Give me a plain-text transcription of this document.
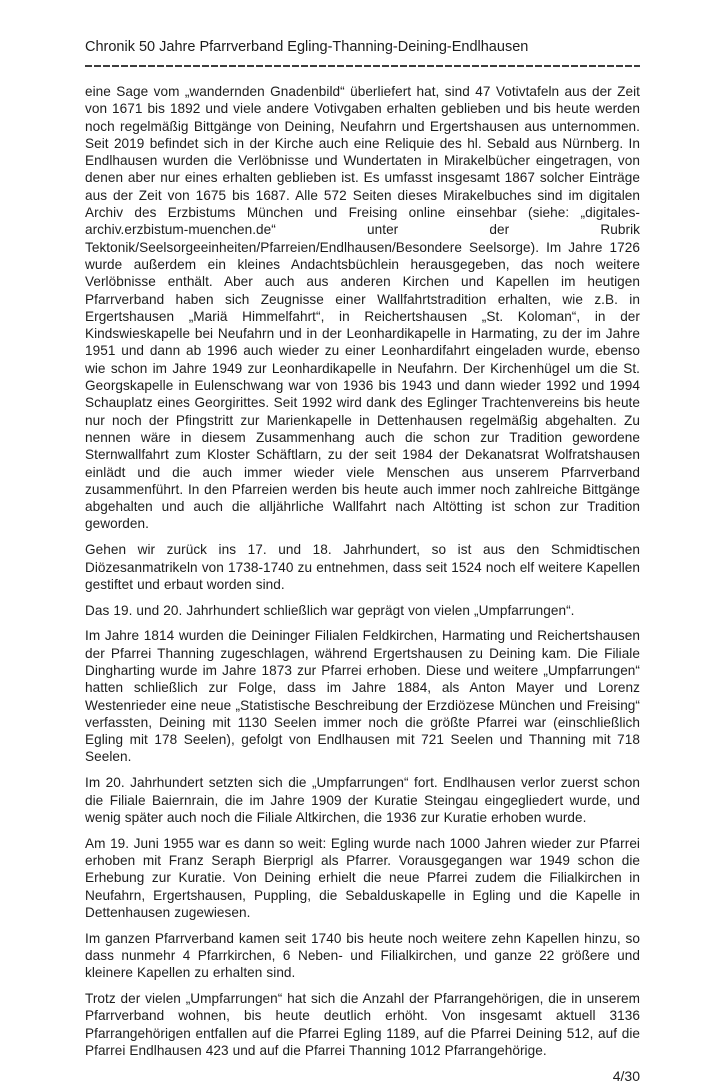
Chronik 50 Jahre Pfarrverband Egling-Thanning-Deining-Endlhausen

eine Sage vom „wandernden Gnadenbild“ überliefert hat, sind 47 Votivtafeln aus der Zeit von 1671 bis 1892 und viele andere Votivgaben erhalten geblieben und bis heute werden noch regelmäßig Bittgänge von Deining, Neufahrn und Ergertshausen aus unternommen. Seit 2019 befindet sich in der Kirche auch eine Reliquie des hl. Sebald aus Nürnberg. In Endlhausen wurden die Verlöbnisse und Wundertaten in Mirakelbücher eingetragen, von denen aber nur eines erhalten geblieben ist. Es umfasst insgesamt 1867 solcher Einträge aus der Zeit von 1675 bis 1687. Alle 572 Seiten dieses Mirakelbuches sind im digitalen Archiv des Erzbistums München und Freising online einsehbar (siehe: „digitales-archiv.erzbistum-muenchen.de“ unter der Rubrik Tektonik/Seelsorgeeinheiten/Pfarreien/Endlhausen/Besondere Seelsorge). Im Jahre 1726 wurde außerdem ein kleines Andachtsbüchlein herausgegeben, das noch weitere Verlöbnisse enthält. Aber auch aus anderen Kirchen und Kapellen im heutigen Pfarrverband haben sich Zeugnisse einer Wallfahrtstradition erhalten, wie z.B. in Ergertshausen „Mariä Himmelfahrt“, in Reichertshausen „St. Koloman“, in der Kindswieskapelle bei Neufahrn und in der Leonhardikapelle in Harmating, zu der im Jahre 1951 und dann ab 1996 auch wieder zu einer Leonhardifahrt eingeladen wurde, ebenso wie schon im Jahre 1949 zur Leonhardikapelle in Neufahrn. Der Kirchenhügel um die St. Georgskapelle in Eulenschwang war von 1936 bis 1943 und dann wieder 1992 und 1994 Schauplatz eines Georgirittes. Seit 1992 wird dank des Eglinger Trachtenvereins bis heute nur noch der Pfingstritt zur Marienkapelle in Dettenhausen regelmäßig abgehalten. Zu nennen wäre in diesem Zusammenhang auch die schon zur Tradition gewordene Sternwallfahrt zum Kloster Schäftlarn, zu der seit 1984 der Dekanatsrat Wolfratshausen einlädt und die auch immer wieder viele Menschen aus unserem Pfarrverband zusammenführt. In den Pfarreien werden bis heute auch immer noch zahlreiche Bittgänge abgehalten und auch die alljährliche Wallfahrt nach Altötting ist schon zur Tradition geworden.

Gehen wir zurück ins 17. und 18. Jahrhundert, so ist aus den Schmidtischen Diözesanmatrikeln von 1738-1740 zu entnehmen, dass seit 1524 noch elf weitere Kapellen gestiftet und erbaut worden sind.

Das 19. und 20. Jahrhundert schließlich war geprägt von vielen „Umpfarrungen“.

Im Jahre 1814 wurden die Deininger Filialen Feldkirchen, Harmating und Reichertshausen der Pfarrei Thanning zugeschlagen, während Ergertshausen zu Deining kam. Die Filiale Dingharting wurde im Jahre 1873 zur Pfarrei erhoben. Diese und weitere „Umpfarrungen“ hatten schließlich zur Folge, dass im Jahre 1884, als Anton Mayer und Lorenz Westenrieder eine neue „Statistische Beschreibung der Erzdiözese München und Freising“ verfassten, Deining mit 1130 Seelen immer noch die größte Pfarrei war (einschließlich Egling mit 178 Seelen), gefolgt von Endlhausen mit 721 Seelen und Thanning mit 718 Seelen.

Im 20. Jahrhundert setzten sich die „Umpfarrungen“ fort. Endlhausen verlor zuerst schon die Filiale Baiernrain, die im Jahre 1909 der Kuratie Steingau eingegliedert wurde, und wenig später auch noch die Filiale Altkirchen, die 1936 zur Kuratie erhoben wurde.

Am 19. Juni 1955 war es dann so weit: Egling wurde nach 1000 Jahren wieder zur Pfarrei erhoben mit Franz Seraph Bierprigl als Pfarrer. Vorausgegangen war 1949 schon die Erhebung zur Kuratie. Von Deining erhielt die neue Pfarrei zudem die Filialkirchen in Neufahrn, Ergertshausen, Puppling, die Sebalduskapelle in Egling und die Kapelle in Dettenhausen zugewiesen.

Im ganzen Pfarrverband kamen seit 1740 bis heute noch weitere zehn Kapellen hinzu, so dass nunmehr 4 Pfarrkirchen, 6 Neben- und Filialkirchen, und ganze 22 größere und kleinere Kapellen zu erhalten sind.

Trotz der vielen „Umpfarrungen“ hat sich die Anzahl der Pfarrangehörigen, die in unserem Pfarrverband wohnen, bis heute deutlich erhöht. Von insgesamt aktuell 3136 Pfarrangehörigen entfallen auf die Pfarrei Egling 1189, auf die Pfarrei Deining 512, auf die Pfarrei Endlhausen 423 und auf die Pfarrei Thanning 1012 Pfarrangehörige.

4/30
